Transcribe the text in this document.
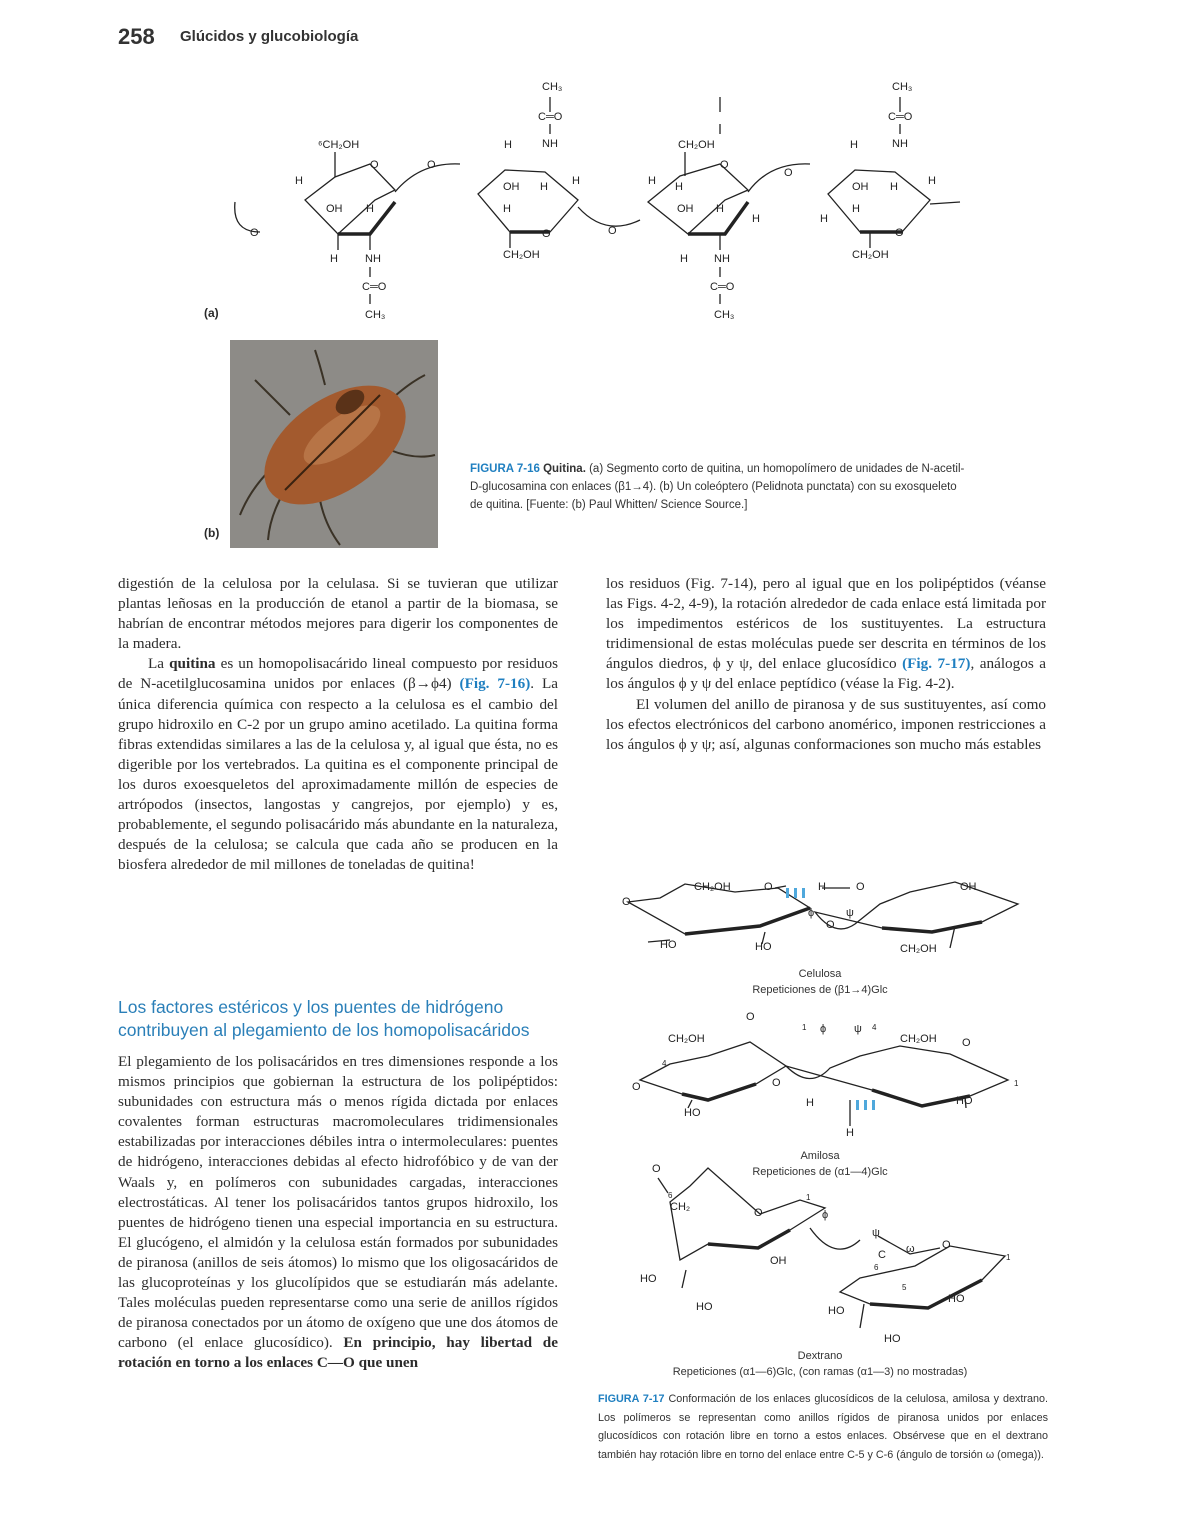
258 Glúcidos y glucobiología
CH₃
C═O
NH
⁶CH₂OH
O	O
OH
H
H
H NH
C═O
CH₃
O
H
OH H H
H
O
CH₂OH
O
CH₂OH
O
O
H H
OH H
H
H NH
C═O
CH₃
CH₃
C═O
NH
H
OH H	H
H
H
O
CH₂OH
(a)
(b)
FIGURA 7-16 Quitina. (a) Segmento corto de quitina, un homopolímero de unidades de N-acetil-D-glucosamina con enlaces (β1→4). (b) Un coleóptero (Pelidnota punctata) con su exosqueleto de quitina. [Fuente: (b) Paul Whitten/ Science Source.]

digestión de la celulosa por la celulasa. Si se tuvieran que utilizar plantas leñosas en la producción de etanol a partir de la biomasa, se habrían de encontrar métodos mejores para digerir los componentes de la madera.

La quitina es un homopolisacárido lineal compuesto por residuos de N-acetilglucosamina unidos por enlaces (β→ϕ4) (Fig. 7-16). La única diferencia química con respecto a la celulosa es el cambio del grupo hidroxilo en C-2 por un grupo amino acetilado. La quitina forma fibras extendidas similares a las de la celulosa y, al igual que ésta, no es digerible por los vertebrados. La quitina es el componente principal de los duros exoesqueletos del aproximadamente millón de especies de artrópodos (insectos, langostas y cangrejos, por ejemplo) y es, probablemente, el segundo polisacárido más abundante en la naturaleza, después de la celulosa; se calcula que cada año se producen en la biosfera alrededor de mil millones de toneladas de quitina!

Los factores estéricos y los puentes de hidrógeno contribuyen al plegamiento de los homopolisacáridos

El plegamiento de los polisacáridos en tres dimensiones responde a los mismos principios que gobiernan la estructura de los polipéptidos: subunidades con estructura más o menos rígida dictada por enlaces covalentes forman estructuras macromoleculares tridimensionales estabilizadas por interacciones débiles intra o intermoleculares: puentes de hidrógeno, interacciones debidas al efecto hidrofóbico y de van der Waals y, en polímeros con subunidades cargadas, interacciones electrostáticas. Al tener los polisacáridos tantos grupos hidroxilo, los puentes de hidrógeno tienen una especial importancia en su estructura. El glucógeno, el almidón y la celulosa están formados por subunidades de piranosa (anillos de seis átomos) lo mismo que los oligosacáridos de las glucoproteínas y los glucolípidos que se estudiarán más adelante. Tales moléculas pueden representarse como una serie de anillos rígidos de piranosa conectados por un átomo de oxígeno que une dos átomos de carbono (el enlace glucosídico). En principio, hay libertad de rotación en torno a los enlaces C—O que unen

los residuos (Fig. 7-14), pero al igual que en los polipéptidos (véanse las Figs. 4-2, 4-9), la rotación alrededor de cada enlace está limitada por los impedimentos estéricos de los sustituyentes. La estructura tridimensional de estas moléculas puede ser descrita en términos de los ángulos diedros, ϕ y ψ, del enlace glucosídico (Fig. 7-17), análogos a los ángulos ϕ y ψ del enlace peptídico (véase la Fig. 4-2).

El volumen del anillo de piranosa y de sus sustituyentes, así como los efectos electrónicos del carbono anomérico, imponen restricciones a los ángulos ϕ y ψ; así, algunas conformaciones son mucho más estables

CH₂OH	O	H	O	OH
ϕ	ψ
O
HO	HO	CH₂OH
O
CH₂OH
O
ϕ	ψ
CH₂OH O
O	O
HO
H
H
HO
4
1	4
1
CH₂
6
O	ϕ
ψ
ω
C
6
5
O
OH
HO
HO	HO
HO
HO
O
1
1
Celulosa
Repeticiones de (β1→4)Glc
Amilosa
Repeticiones de (α1—4)Glc
Dextrano
Repeticiones (α1—6)Glc, (con ramas (α1—3) no mostradas)
FIGURA 7-17 Conformación de los enlaces glucosídicos de la celulosa, amilosa y dextrano. Los polímeros se representan como anillos rígidos de piranosa unidos por enlaces glucosídicos con rotación libre en torno a estos enlaces. Obsérvese que en el dextrano también hay rotación libre en torno del enlace entre C-5 y C-6 (ángulo de torsión ω (omega)).
